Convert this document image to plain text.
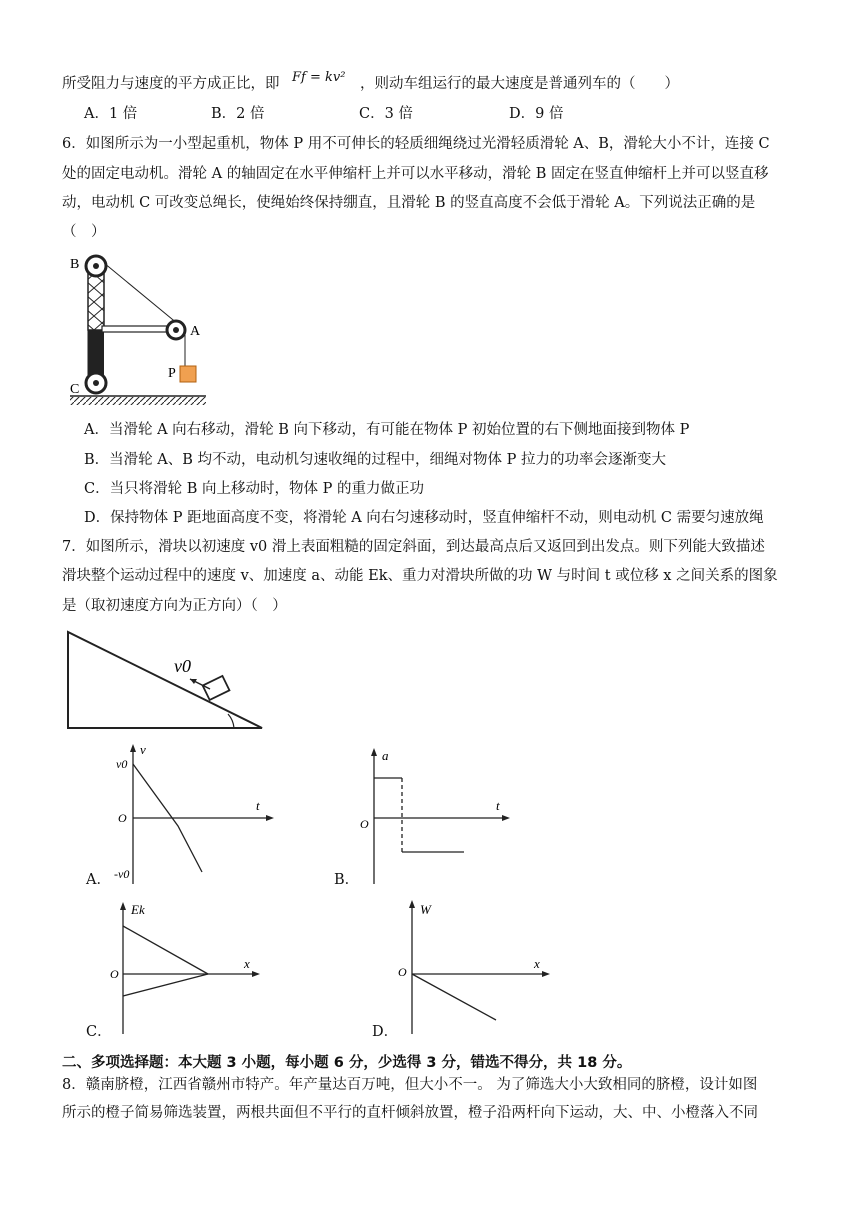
所受阻力与速度的平方成正比，即 Ff = kv² ，则动车组运行的最大速度是普通列车的（　　）
A．1 倍	B．2 倍	C．3 倍	D．9 倍
6．如图所示为一小型起重机，物体 P 用不可伸长的轻质细绳绕过光滑轻质滑轮 A、B，滑轮大小不计，连接 C
处的固定电动机。滑轮 A 的轴固定在水平伸缩杆上并可以水平移动，滑轮 B 固定在竖直伸缩杆上并可以竖直移
动，电动机 C 可改变总绳长，使绳始终保持绷直，且滑轮 B 的竖直高度不会低于滑轮 A。下列说法正确的是
（　）
B
A
P
C
A．当滑轮 A 向右移动，滑轮 B 向下移动，有可能在物体 P 初始位置的右下侧地面接到物体 P
B．当滑轮 A、B 均不动，电动机匀速收绳的过程中，细绳对物体 P 拉力的功率会逐渐变大
C．当只将滑轮 B 向上移动时，物体 P 的重力做正功
D．保持物体 P 距地面高度不变，将滑轮 A 向右匀速移动时，竖直伸缩杆不动，则电动机 C 需要匀速放绳
7．如图所示，滑块以初速度 v0 滑上表面粗糙的固定斜面，到达最高点后又返回到出发点。则下列能大致描述
滑块整个运动过程中的速度 v、加速度 a、动能 Ek、重力对滑块所做的功 W 与时间 t 或位移 x 之间关系的图象
是（取初速度方向为正方向）（　）
v0
v
t
O
v0
-v0
A．
a
t
O
B．
Ek
x
O
C．
W
x
O
D．
二、多项选择题：本大题 3 小题，每小题 6 分，少选得 3 分，错选不得分，共 18 分。
8．赣南脐橙，江西省赣州市特产。年产量达百万吨，但大小不一。 为了筛选大小大致相同的脐橙，设计如图
所示的橙子简易筛选装置，两根共面但不平行的直杆倾斜放置，橙子沿两杆向下运动，大、中、小橙落入不同
